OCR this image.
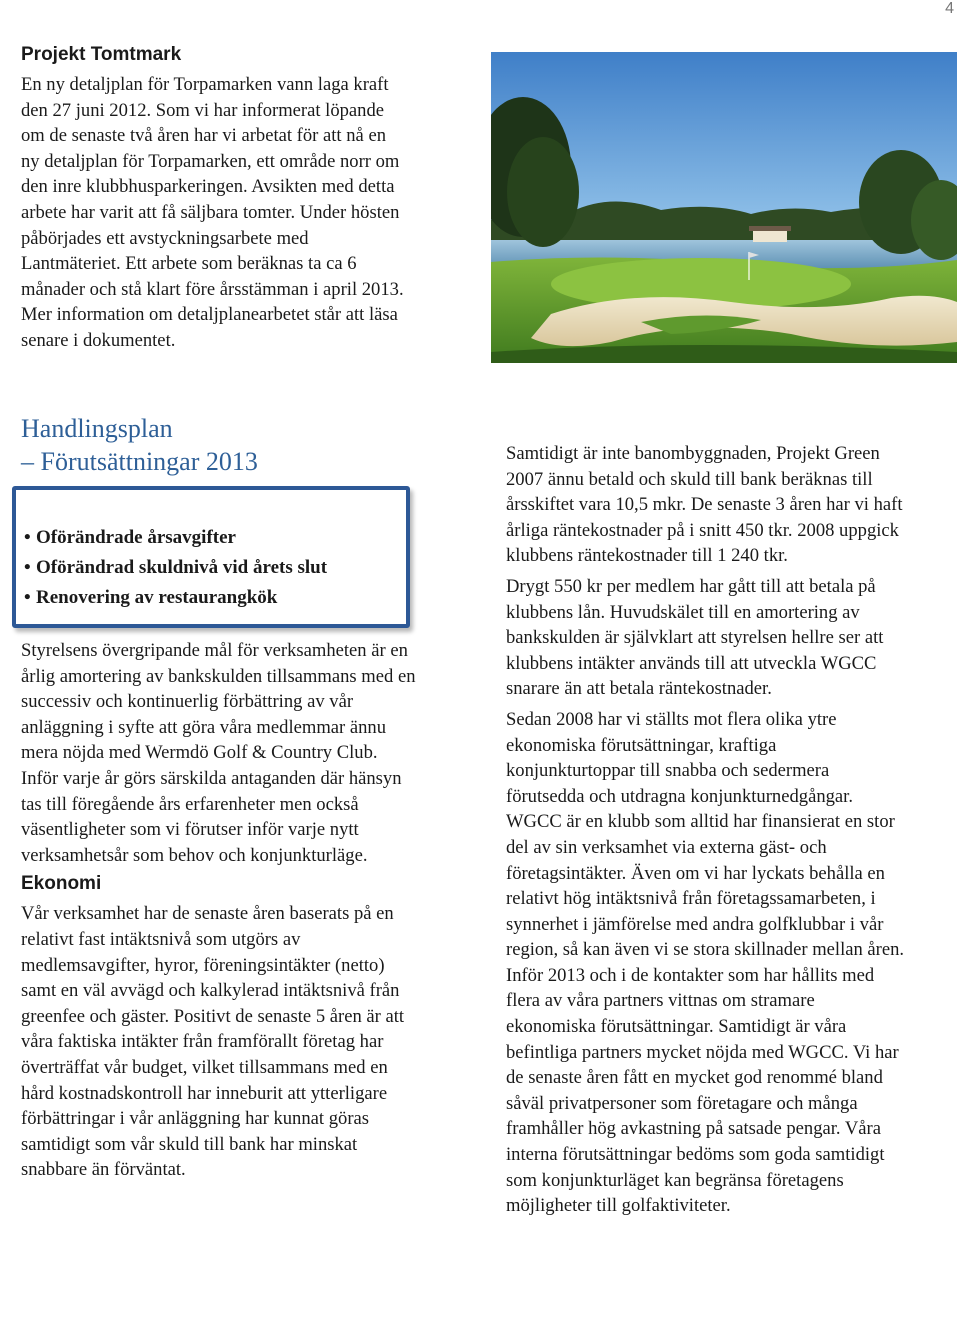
4
Projekt Tomtmark

En ny detaljplan för Torpamarken vann laga kraft den 27 juni 2012. Som vi har informerat löpande om de senaste två åren har vi arbetat för att nå en ny detaljplan för Torpamarken, ett område norr om den inre klubbhusparkeringen. Avsikten med detta arbete har varit att få säljbara tomter. Under hösten påbörjades ett avstyckningsarbete med Lantmäteriet. Ett arbete som beräknas ta ca 6 månader och stå klart före årsstämman i april 2013. Mer information om detaljplanearbetet står att läsa senare i dokumentet.

Handlingsplan
– Förutsättningar 2013
• Oförändrade årsavgifter
• Oförändrad skuldnivå vid årets slut
• Renovering av restaurangkök

Styrelsens övergripande mål för verksamheten är en årlig amortering av bankskulden tillsammans med en successiv och kontinuerlig förbättring av vår anläggning i syfte att göra våra medlemmar ännu mera nöjda med Wermdö Golf & Country Club. Inför varje år görs särskilda antaganden där hänsyn tas till föregående års erfarenheter men också väsentligheter som vi förutser inför varje nytt verksamhetsår som behov och konjunkturläge.

Ekonomi

Vår verksamhet har de senaste åren baserats på en relativt fast intäktsnivå som utgörs av medlemsavgifter, hyror, föreningsintäkter (netto) samt en väl avvägd och kalkylerad intäktsnivå från greenfee och gäster. Positivt de senaste 5 åren är att våra faktiska intäkter från framförallt företag har överträffat vår budget, vilket tillsammans med en hård kostnadskontroll har inneburit att ytterligare förbättringar i vår anläggning har kunnat göras samtidigt som vår skuld till bank har minskat snabbare än förväntat.

Samtidigt är inte banombyggnaden, Projekt Green 2007 ännu betald och skuld till bank beräknas till årsskiftet vara 10,5 mkr. De senaste 3 åren har vi haft årliga räntekostnader på i snitt 450 tkr. 2008 uppgick klubbens räntekostnader till 1 240 tkr.

Drygt 550 kr per medlem har gått till att betala på klubbens lån. Huvudskälet till en amortering av bankskulden är självklart att styrelsen hellre ser att klubbens intäkter används till att utveckla WGCC snarare än att betala räntekostnader.

Sedan 2008 har vi ställts mot flera olika ytre ekonomiska förutsättningar, kraftiga konjunkturtoppar till snabba och sedermera förutsedda och utdragna konjunkturnedgångar. WGCC är en klubb som alltid har finansierat en stor del av sin verksamhet via externa gäst- och företagsintäkter. Även om vi har lyckats behålla en relativt hög intäktsnivå från företagssamarbeten, i synnerhet i jämförelse med andra golfklubbar i vår region, så kan även vi se stora skillnader mellan åren. Inför 2013 och i de kontakter som har hållits med flera av våra partners vittnas om stramare ekonomiska förutsättningar. Samtidigt är våra befintliga partners mycket nöjda med WGCC. Vi har de senaste åren fått en mycket god renommé bland såväl privatpersoner som företagare och många framhåller hög avkastning på satsade pengar. Våra interna förutsättningar bedöms som goda samtidigt som konjunkturläget kan begränsa företagens möjligheter till golfaktiviteter.
